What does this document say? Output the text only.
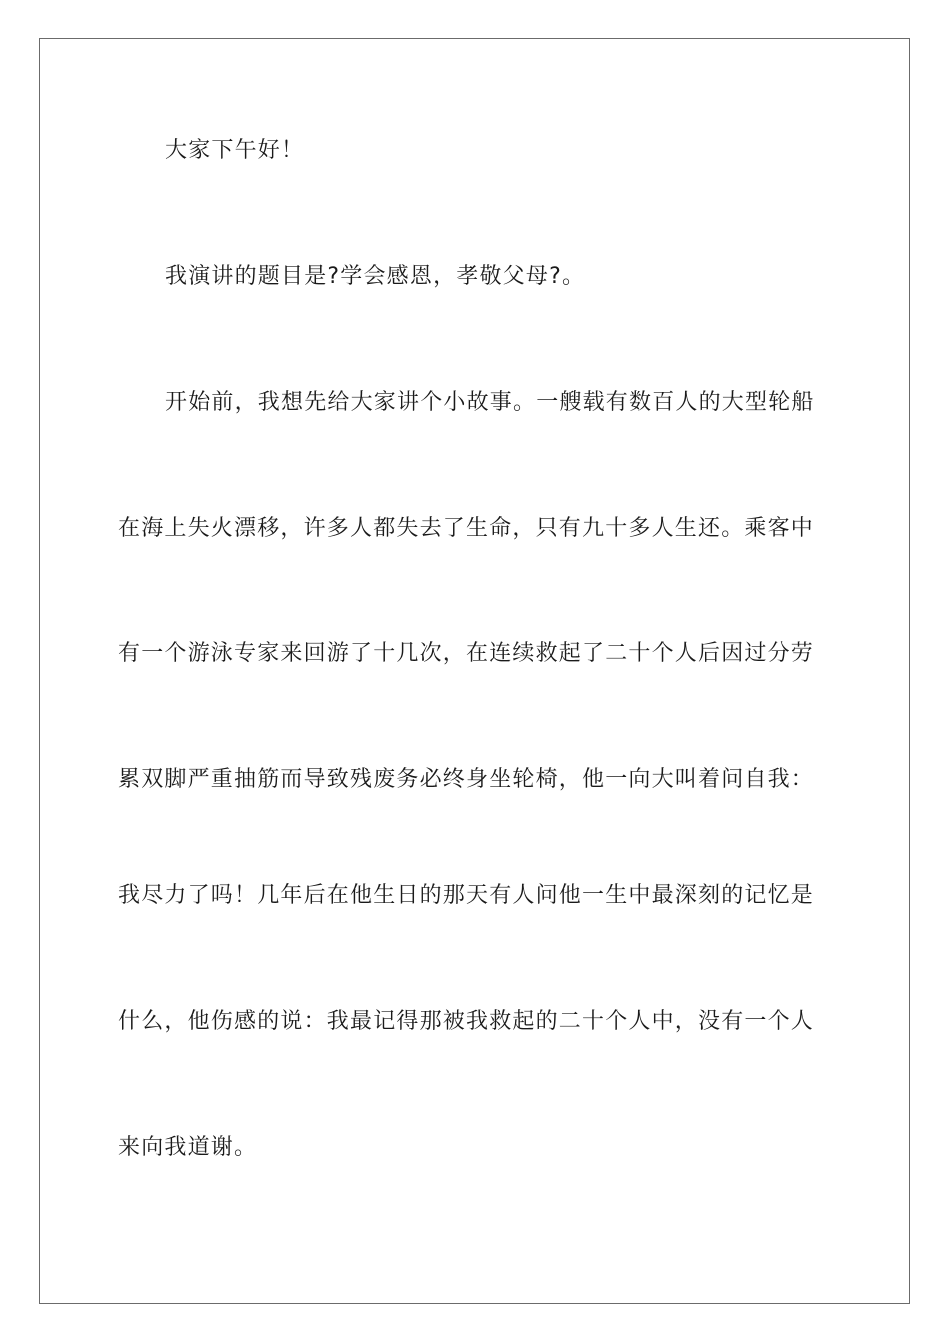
大家下午好！
我演讲的题目是?学会感恩，孝敬父母?。
开始前，我想先给大家讲个小故事。一艘载有数百人的大型轮船
在海上失火漂移，许多人都失去了生命，只有九十多人生还。乘客中
有一个游泳专家来回游了十几次，在连续救起了二十个人后因过分劳
累双脚严重抽筋而导致残废务必终身坐轮椅，他一向大叫着问自我：
我尽力了吗！几年后在他生日的那天有人问他一生中最深刻的记忆是
什么，他伤感的说：我最记得那被我救起的二十个人中，没有一个人
来向我道谢。
